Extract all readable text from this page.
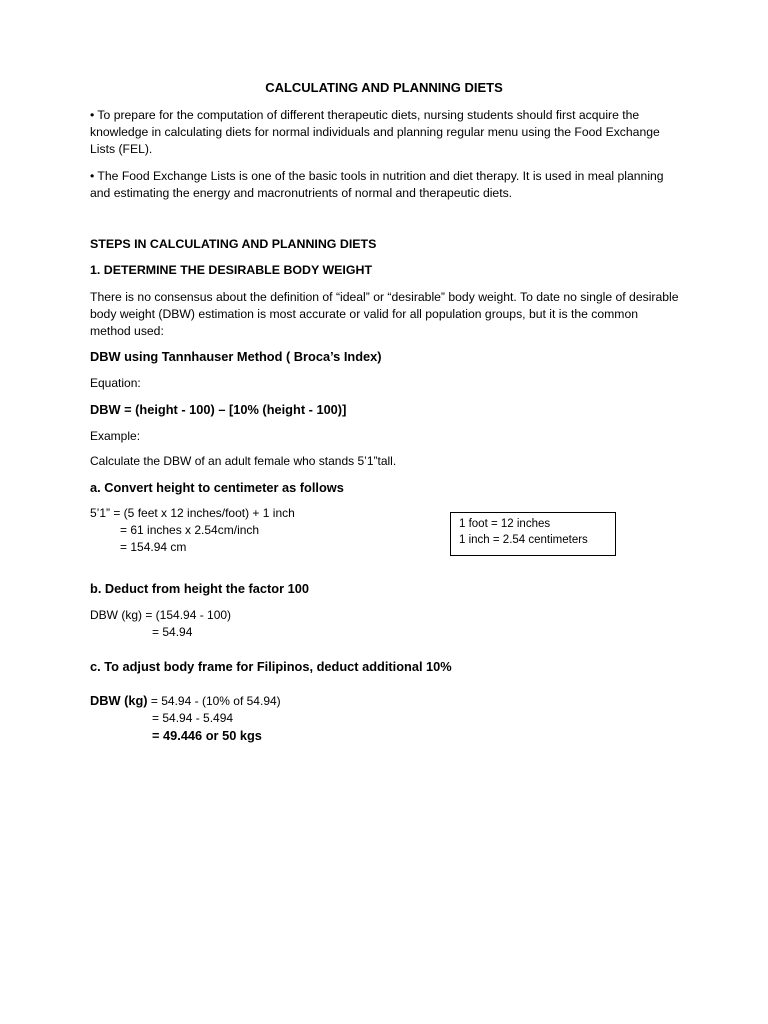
CALCULATING AND PLANNING DIETS
• To prepare for the computation of different therapeutic diets, nursing students should first acquire the knowledge in calculating diets for normal individuals and planning regular menu using the Food Exchange Lists (FEL).
• The Food Exchange Lists is one of the basic tools in nutrition and diet therapy. It is used in meal planning and estimating the energy and macronutrients of normal and therapeutic diets.
STEPS IN CALCULATING AND PLANNING DIETS
1. DETERMINE THE DESIRABLE BODY WEIGHT
There is no consensus about the definition of “ideal” or “desirable” body weight. To date no single of desirable body weight (DBW) estimation is most accurate or valid for all population groups, but it is the common method used:
DBW using Tannhauser Method ( Broca’s Index)
Equation:
DBW = (height - 100) – [10% (height - 100)]
Example:
Calculate the DBW of an adult female who stands 5’1”tall.
a. Convert height to centimeter as follows
5’1” = (5 feet x 12 inches/foot) + 1 inch
= 61 inches x 2.54cm/inch
= 154.94 cm
1 foot = 12 inches
1 inch = 2.54 centimeters
b. Deduct from height the factor 100
DBW (kg) = (154.94 - 100)
= 54.94
c. To adjust body frame for Filipinos, deduct additional 10%
DBW (kg) = 54.94 - (10% of 54.94)
= 54.94 - 5.494
= 49.446 or 50 kgs
